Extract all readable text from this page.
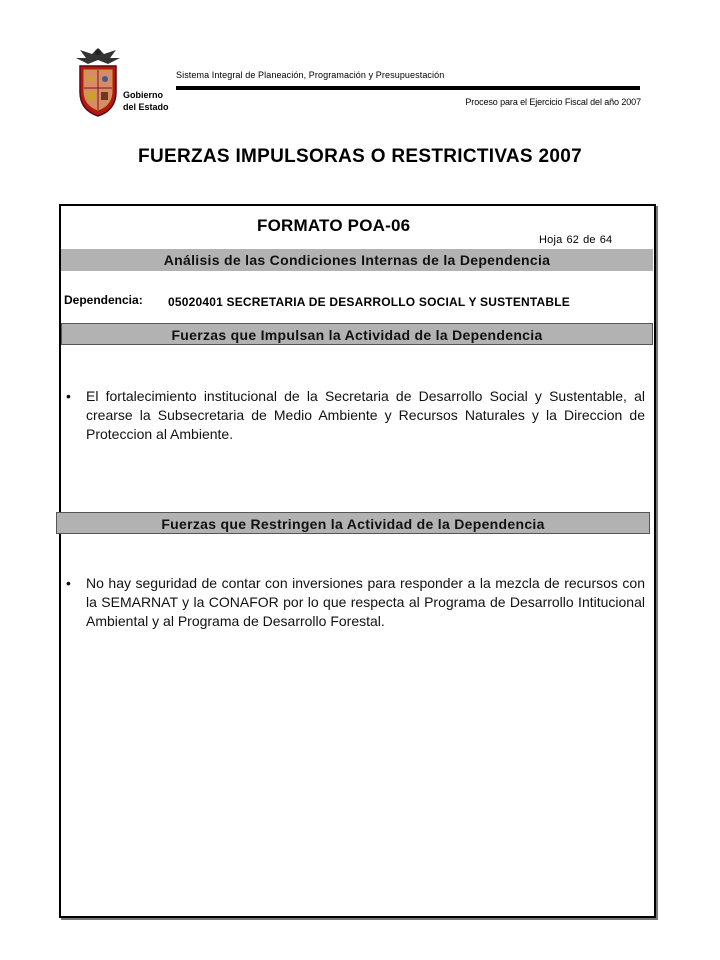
Gobierno
del Estado
Sistema Integral de Planeación, Programación y Presupuestación
Proceso para el Ejercicio Fiscal del año 2007
FUERZAS IMPULSORAS O RESTRICTIVAS 2007
FORMATO POA-06
Hoja 62 de 64
Análisis de las Condiciones Internas de la Dependencia
Dependencia: 05020401 SECRETARIA DE DESARROLLO SOCIAL Y SUSTENTABLE
Fuerzas que Impulsan la Actividad de la Dependencia
•	El fortalecimiento institucional de la Secretaria de Desarrollo Social y Sustentable, al crearse la Subsecretaria de Medio Ambiente y Recursos Naturales y la Direccion de Proteccion al Ambiente.
Fuerzas que Restringen la Actividad de la Dependencia
•	No hay seguridad de contar con inversiones para responder a la mezcla de recursos con la SEMARNAT y la CONAFOR por lo que respecta al Programa de Desarrollo Intitucional Ambiental y al Programa de Desarrollo Forestal.
